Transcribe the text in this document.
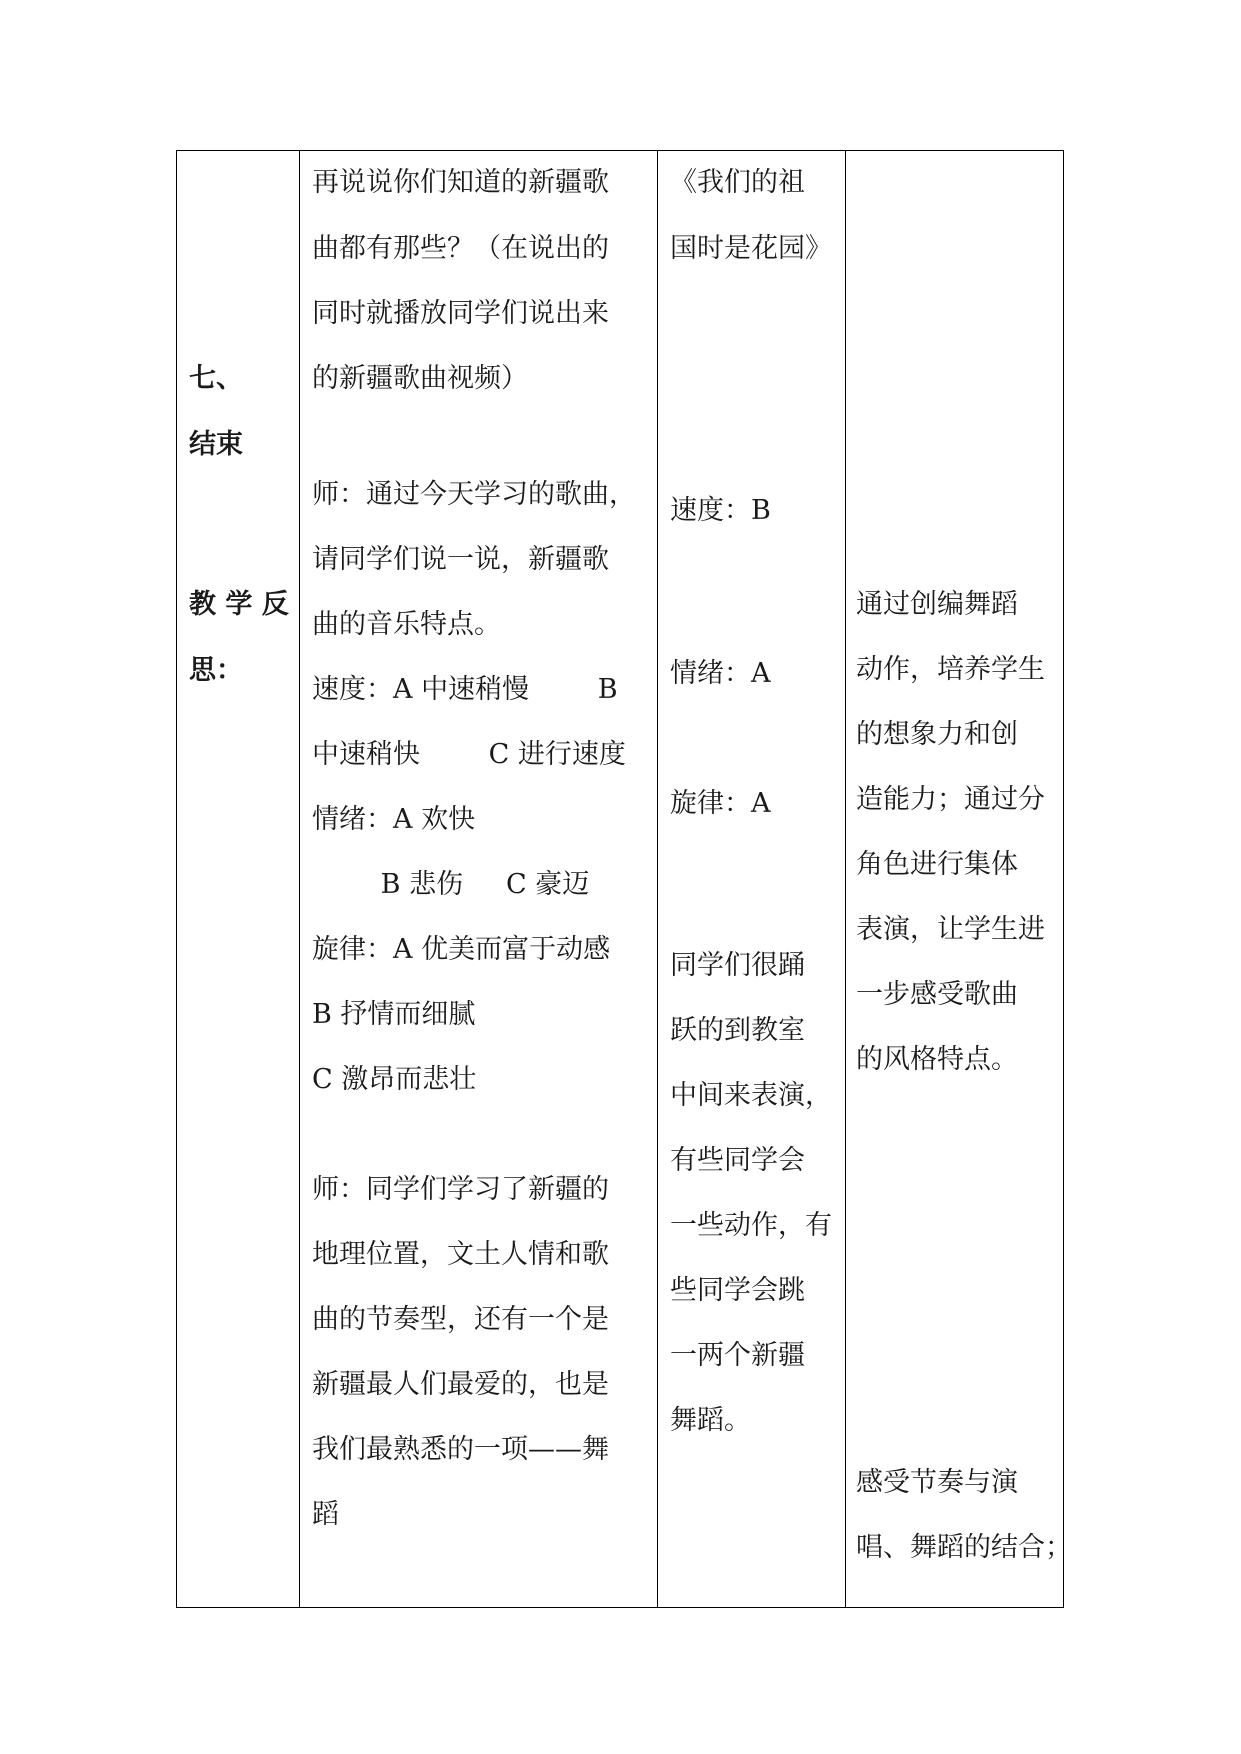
七、
结束
教 学 反
思：
再说说你们知道的新疆歌
曲都有那些？（在说出的
同时就播放同学们说出来
的新疆歌曲视频）
师：通过今天学习的歌曲，
请同学们说一说，新疆歌
曲的音乐特点。
速度：A 中速稍慢        B
中速稍快        C 进行速度
情绪：A 欢快
B 悲伤     C 豪迈
旋律：A 优美而富于动感
B 抒情而细腻
C 激昂而悲壮
师：同学们学习了新疆的
地理位置，文土人情和歌
曲的节奏型，还有一个是
新疆最人们最爱的，也是
我们最熟悉的一项——舞
蹈
《我们的祖
国时是花园》
速度：B
情绪：A
旋律：A
同学们很踊
跃的到教室
中间来表演，
有些同学会
一些动作，有
些同学会跳
一两个新疆
舞蹈。
通过创编舞蹈
动作，培养学生
的想象力和创
造能力；通过分
角色进行集体
表演，让学生进
一步感受歌曲
的风格特点。
感受节奏与演
唱、舞蹈的结合；
